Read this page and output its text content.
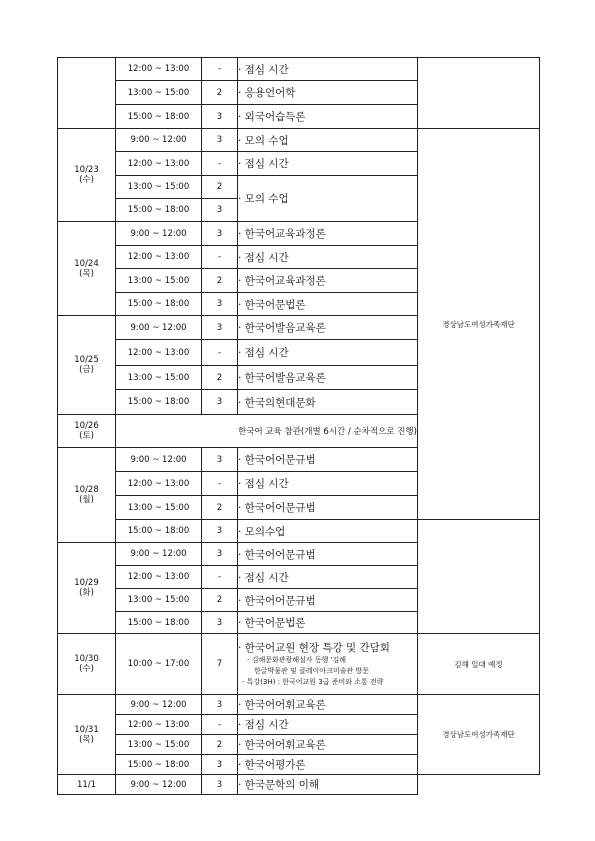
	12:00 ~ 13:00	-	· 점심 시간		
	13:00 ~ 15:00	2	· 응용언어학		
	15:00 ~ 18:00	3	· 외국어습득론		

10/23
(수)	9:00 ~ 12:00	3	· 모의 수업	경상남도여성가족재단	
	12:00 ~ 13:00	-	· 점심 시간		
	13:00 ~ 15:00	2	· 모의 수업		
	15:00 ~ 18:00	3			

10/24
(목)	9:00 ~ 12:00	3	· 한국어교육과정론		
	12:00 ~ 13:00	-	· 점심 시간		
	13:00 ~ 15:00	2	· 한국어교육과정론		
	15:00 ~ 18:00	3	· 한국어문법론		

10/25
(금)	9:00 ~ 12:00	3	· 한국어발음교육론		
	12:00 ~ 13:00	-	· 점심 시간		
	13:00 ~ 15:00	2	· 한국어발음교육론		
	15:00 ~ 18:00	3	· 한국의현대문화		

10/26
(토)	한국어 교육 참관(개별 6시간 / 순차적으로 진행)				

10/28
(월)	9:00 ~ 12:00	3	· 한국어어문규범	
	12:00 ~ 13:00	-	· 점심 시간		
	13:00 ~ 15:00	2	· 한국어어문규범		
	15:00 ~ 18:00	3	· 모의수업		

10/29
(화)	9:00 ~ 12:00	3	· 한국어어문규범		
	12:00 ~ 13:00	-	· 점심 시간		
	13:00 ~ 15:00	2	· 한국어어문규범		
	15:00 ~ 18:00	3	· 한국어문법론		

10/30
(수)	10:00 ~ 17:00	7	· 한국어교원 현장 특강 및 간담회
- 김해문화관광해설사 동행 '김해
한글박물관 및 클레이아크미술관 방문
- 특강(3H) : 한국어교원 3급 준비와 소통 전략	김해 일대 예정	

10/31
(목)	9:00 ~ 12:00	3	· 한국어어휘교육론	경상남도여성가족재단	
	12:00 ~ 13:00	-	· 점심 시간		
	13:00 ~ 15:00	2	· 한국어어휘교육론		
	15:00 ~ 18:00	3	· 한국어평가론		

11/1	9:00 ~ 12:00	3	· 한국문학의 이해		
